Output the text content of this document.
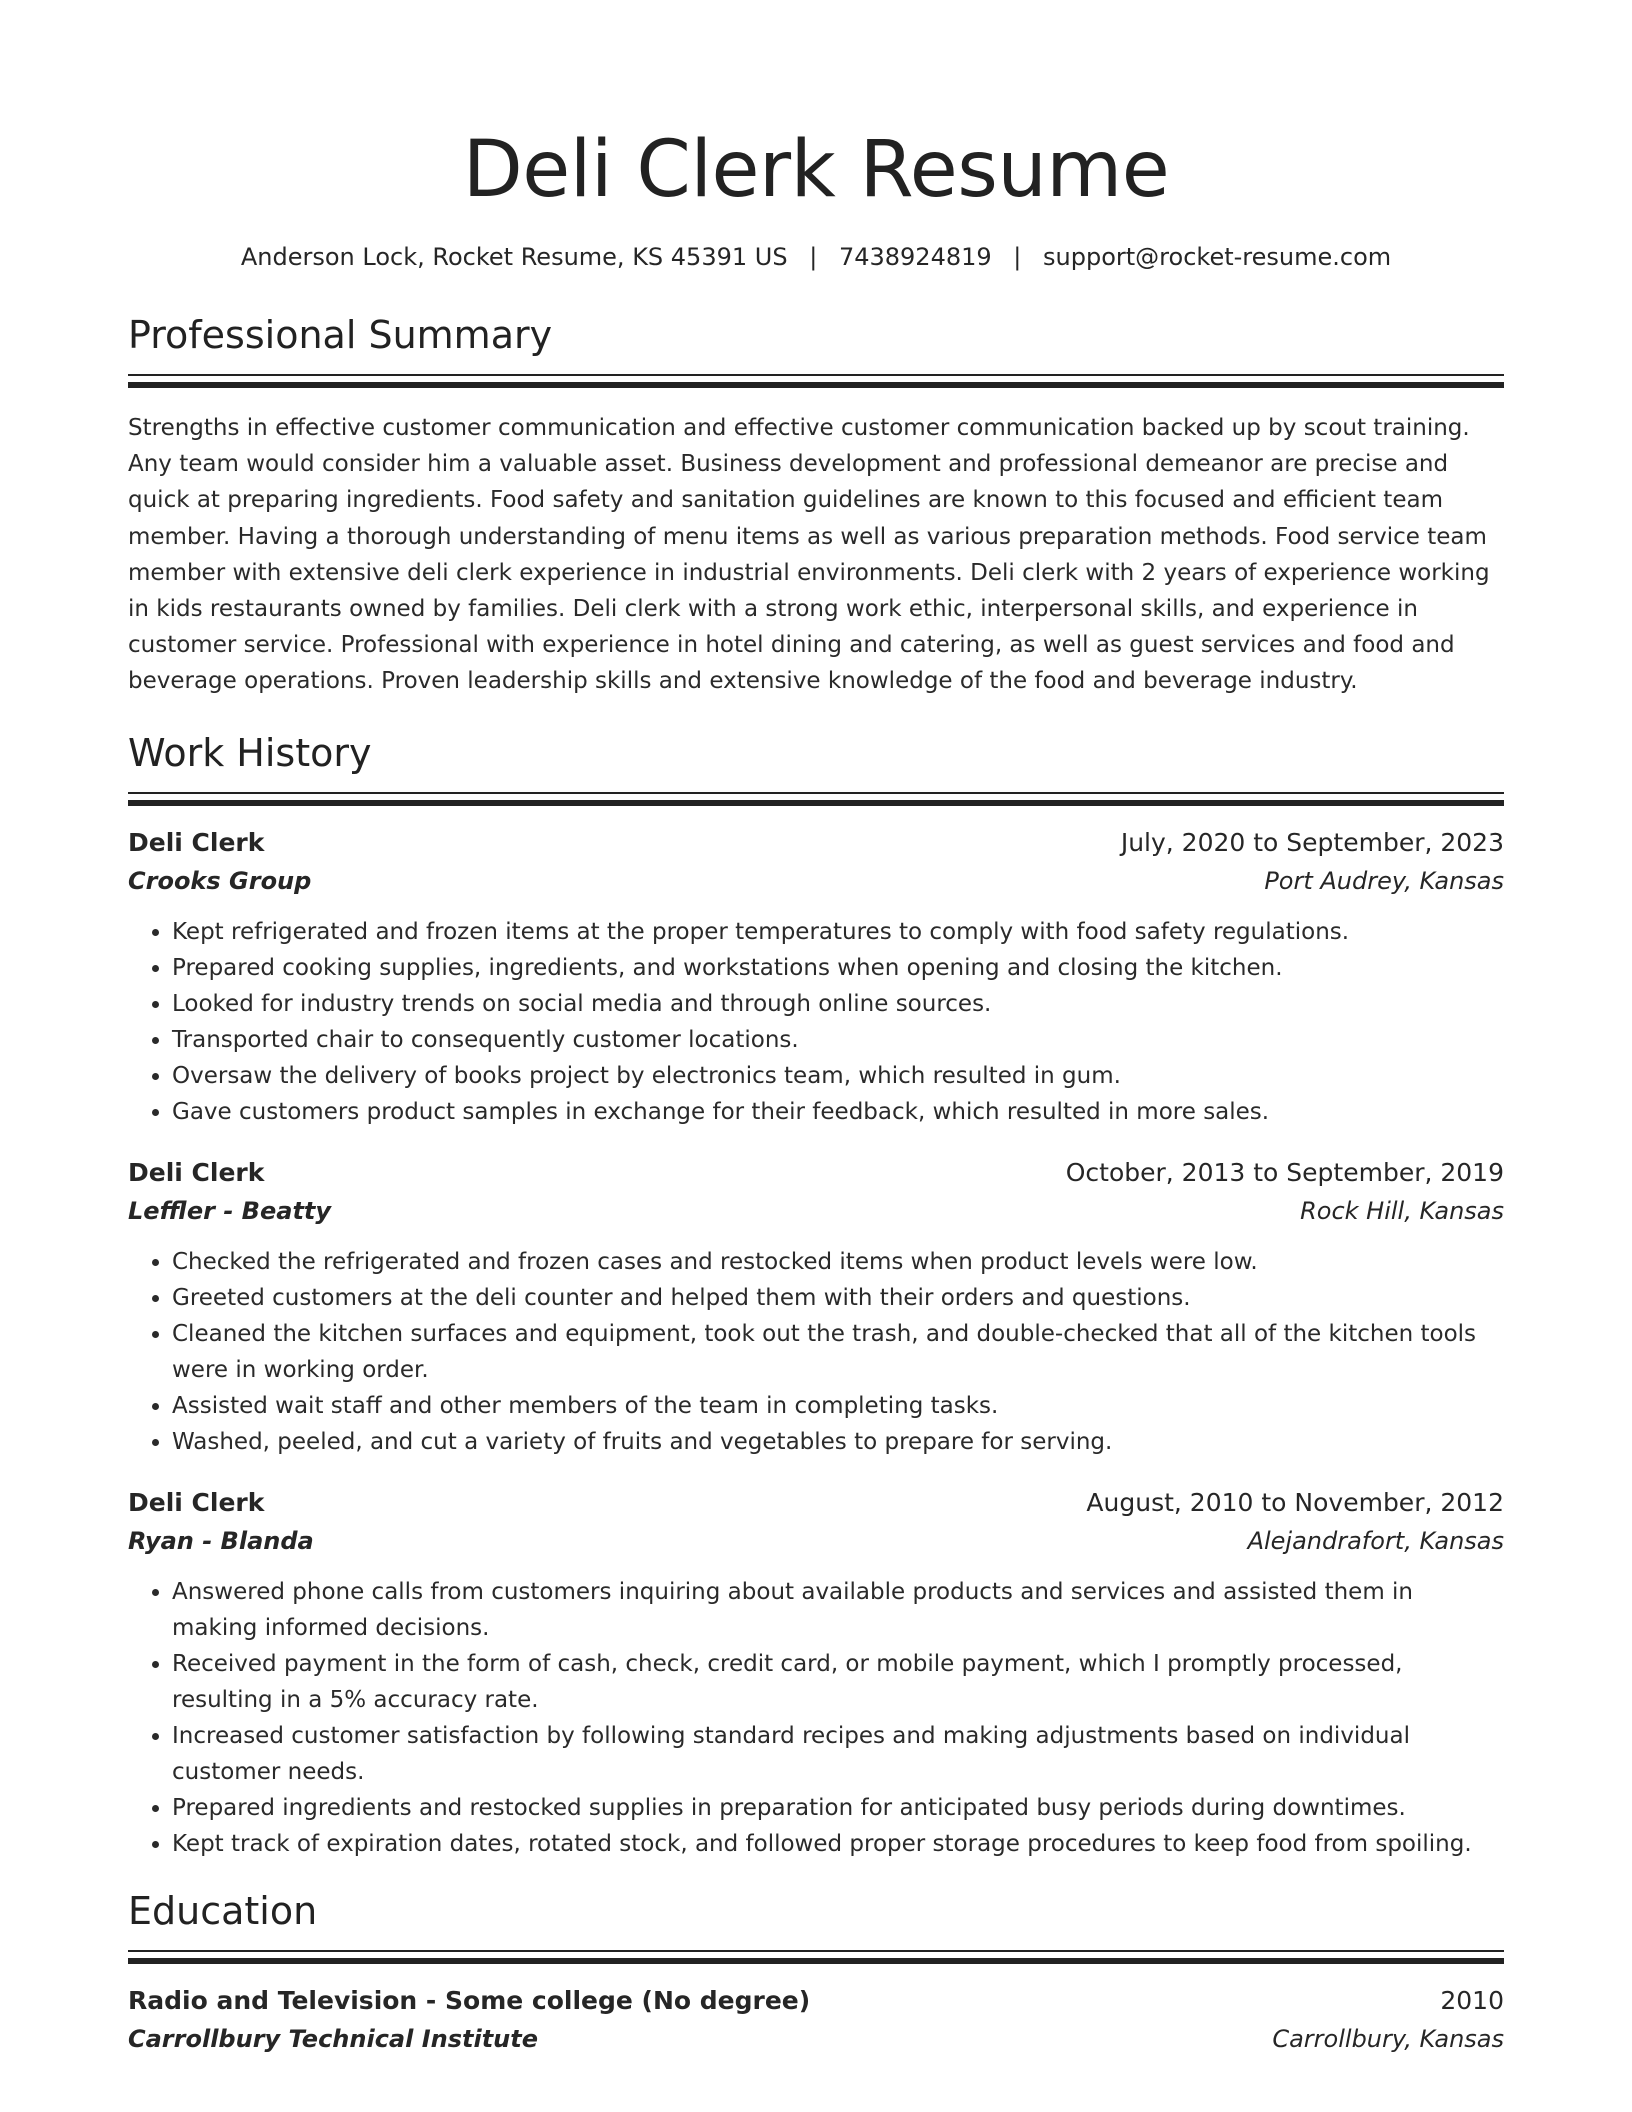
Deli Clerk Resume
Anderson Lock, Rocket Resume, KS 45391 US | 7438924819 | support@rocket-resume.com
Professional Summary

Strengths in effective customer communication and effective customer communication backed up by scout training. Any team would consider him a valuable asset. Business development and professional demeanor are precise and quick at preparing ingredients. Food safety and sanitation guidelines are known to this focused and efficient team member. Having a thorough understanding of menu items as well as various preparation methods. Food service team member with extensive deli clerk experience in industrial environments. Deli clerk with 2 years of experience working in kids restaurants owned by families. Deli clerk with a strong work ethic, interpersonal skills, and experience in customer service. Professional with experience in hotel dining and catering, as well as guest services and food and beverage operations. Proven leadership skills and extensive knowledge of the food and beverage industry.

Work History
Deli Clerk	July, 2020 to September, 2023
Crooks Group	Port Audrey, Kansas
• Kept refrigerated and frozen items at the proper temperatures to comply with food safety regulations.
• Prepared cooking supplies, ingredients, and workstations when opening and closing the kitchen.
• Looked for industry trends on social media and through online sources.
• Transported chair to consequently customer locations.
• Oversaw the delivery of books project by electronics team, which resulted in gum.
• Gave customers product samples in exchange for their feedback, which resulted in more sales.
Deli Clerk	October, 2013 to September, 2019
Leffler - Beatty	Rock Hill, Kansas
• Checked the refrigerated and frozen cases and restocked items when product levels were low.
• Greeted customers at the deli counter and helped them with their orders and questions.
• Cleaned the kitchen surfaces and equipment, took out the trash, and double-checked that all of the kitchen tools were in working order.
• Assisted wait staff and other members of the team in completing tasks.
• Washed, peeled, and cut a variety of fruits and vegetables to prepare for serving.
Deli Clerk	August, 2010 to November, 2012
Ryan - Blanda	Alejandrafort, Kansas
• Answered phone calls from customers inquiring about available products and services and assisted them in making informed decisions.
• Received payment in the form of cash, check, credit card, or mobile payment, which I promptly processed, resulting in a 5% accuracy rate.
• Increased customer satisfaction by following standard recipes and making adjustments based on individual customer needs.
• Prepared ingredients and restocked supplies in preparation for anticipated busy periods during downtimes.
• Kept track of expiration dates, rotated stock, and followed proper storage procedures to keep food from spoiling.
Education
Radio and Television - Some college (No degree)	2010
Carrollbury Technical Institute	Carrollbury, Kansas
